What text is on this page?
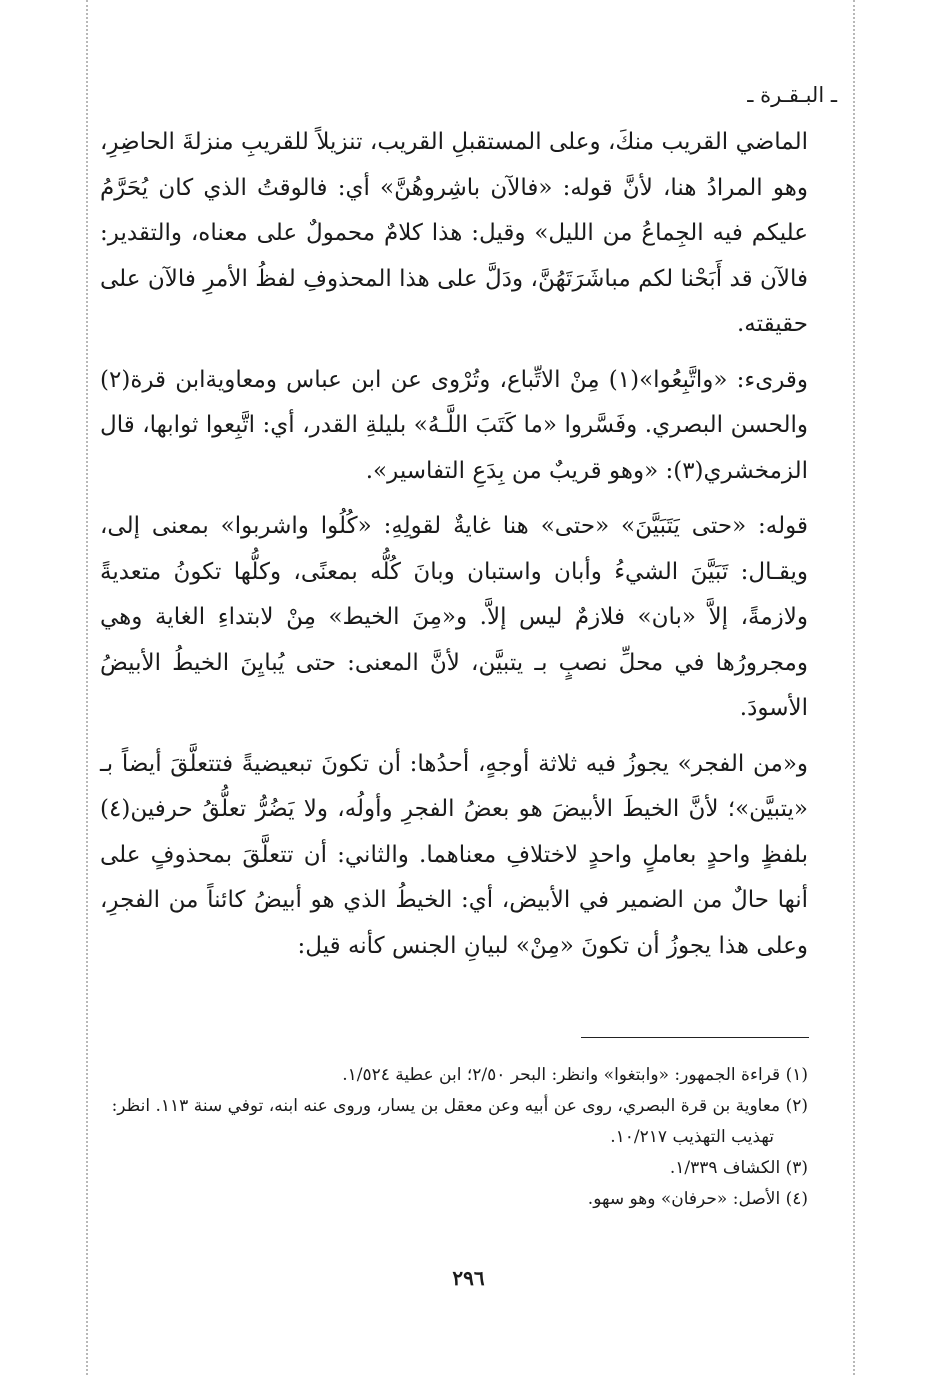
ـ البـقـرة ـ

الماضي القريب منكَ، وعلى المستقبلِ القريب، تنزيلاً للقريبِ منزلةَ الحاضِرِ، وهو المرادُ هنا، لأنَّ قوله: «فالآن باشِروهُنَّ» أي: فالوقتُ الذي كان يُحَرَّمُ عليكم فيه الجِماعُ من الليل» وقيل: هذا كلامٌ محمولٌ على معناه، والتقدير: فالآن قد أَبَحْنا لكم مباشَرَتَهُنَّ، ودَلَّ على هذا المحذوفِ لفظُ الأمرِ فالآن على حقيقته.

وقرىء: «واتَّبِعُوا»(١) مِنْ الاتِّباع، وتُرْوى عن ابن عباس ومعاويةابن قرة(٢) والحسن البصري. وفَسَّروا «ما كَتَبَ اللَّـهُ» بليلةِ القدر، أي: اتَّبِعوا ثوابها، قال الزمخشري(٣): «وهو قريبٌ من بِدَعِ التفاسير».

قوله: «حتى يَتَبَيَّنَ» «حتى» هنا غايةٌ لقولِهِ: «كُلُوا واشربوا» بمعنى إلى، ويقـال: تَبَيَّنَ الشيءُ وأبان واستبان وبانَ كُلُّه بمعنًى، وكلُّها تكونُ متعديةً ولازمةً، إلاَّ «بان» فلازمٌ ليس إلاَّ. و«مِنَ الخيط» مِنْ لابتداءِ الغاية وهي ومجرورُها في محلِّ نصبٍ بـ يتبيَّن، لأنَّ المعنى: حتى يُبايِنَ الخيطُ الأبيضُ الأسودَ.

و«من الفجر» يجوزُ فيه ثلاثة أوجهٍ، أحدُها: أن تكونَ تبعيضيةً فتتعلَّقَ أيضاً بـ «يتبيَّن»؛ لأنَّ الخيطَ الأبيضَ هو بعضُ الفجرِ وأولُه، ولا يَضُرُّ تعلُّقُ حرفين(٤) بلفظٍ واحدٍ بعاملٍ واحدٍ لاختلافِ معناهما. والثاني: أن تتعلَّقَ بمحذوفٍ على أنها حالٌ من الضمير في الأبيض، أي: الخيطُ الذي هو أبيضُ كائناً من الفجرِ، وعلى هذا يجوزُ أن تكونَ «مِنْ» لبيانِ الجنس كأنه قيل:

(١) قراءة الجمهور: «وابتغوا» وانظر: البحر ٢/٥٠؛ ابن عطية ١/٥٢٤.

(٢) معاوية بن قرة البصري، روى عن أبيه وعن معقل بن يسار، وروى عنه ابنه، توفي سنة ١١٣. انظر: تهذيب التهذيب ١٠/٢١٧.

(٣) الكشاف ١/٣٣٩.

(٤) الأصل: «حرفان» وهو سهو.

٢٩٦
